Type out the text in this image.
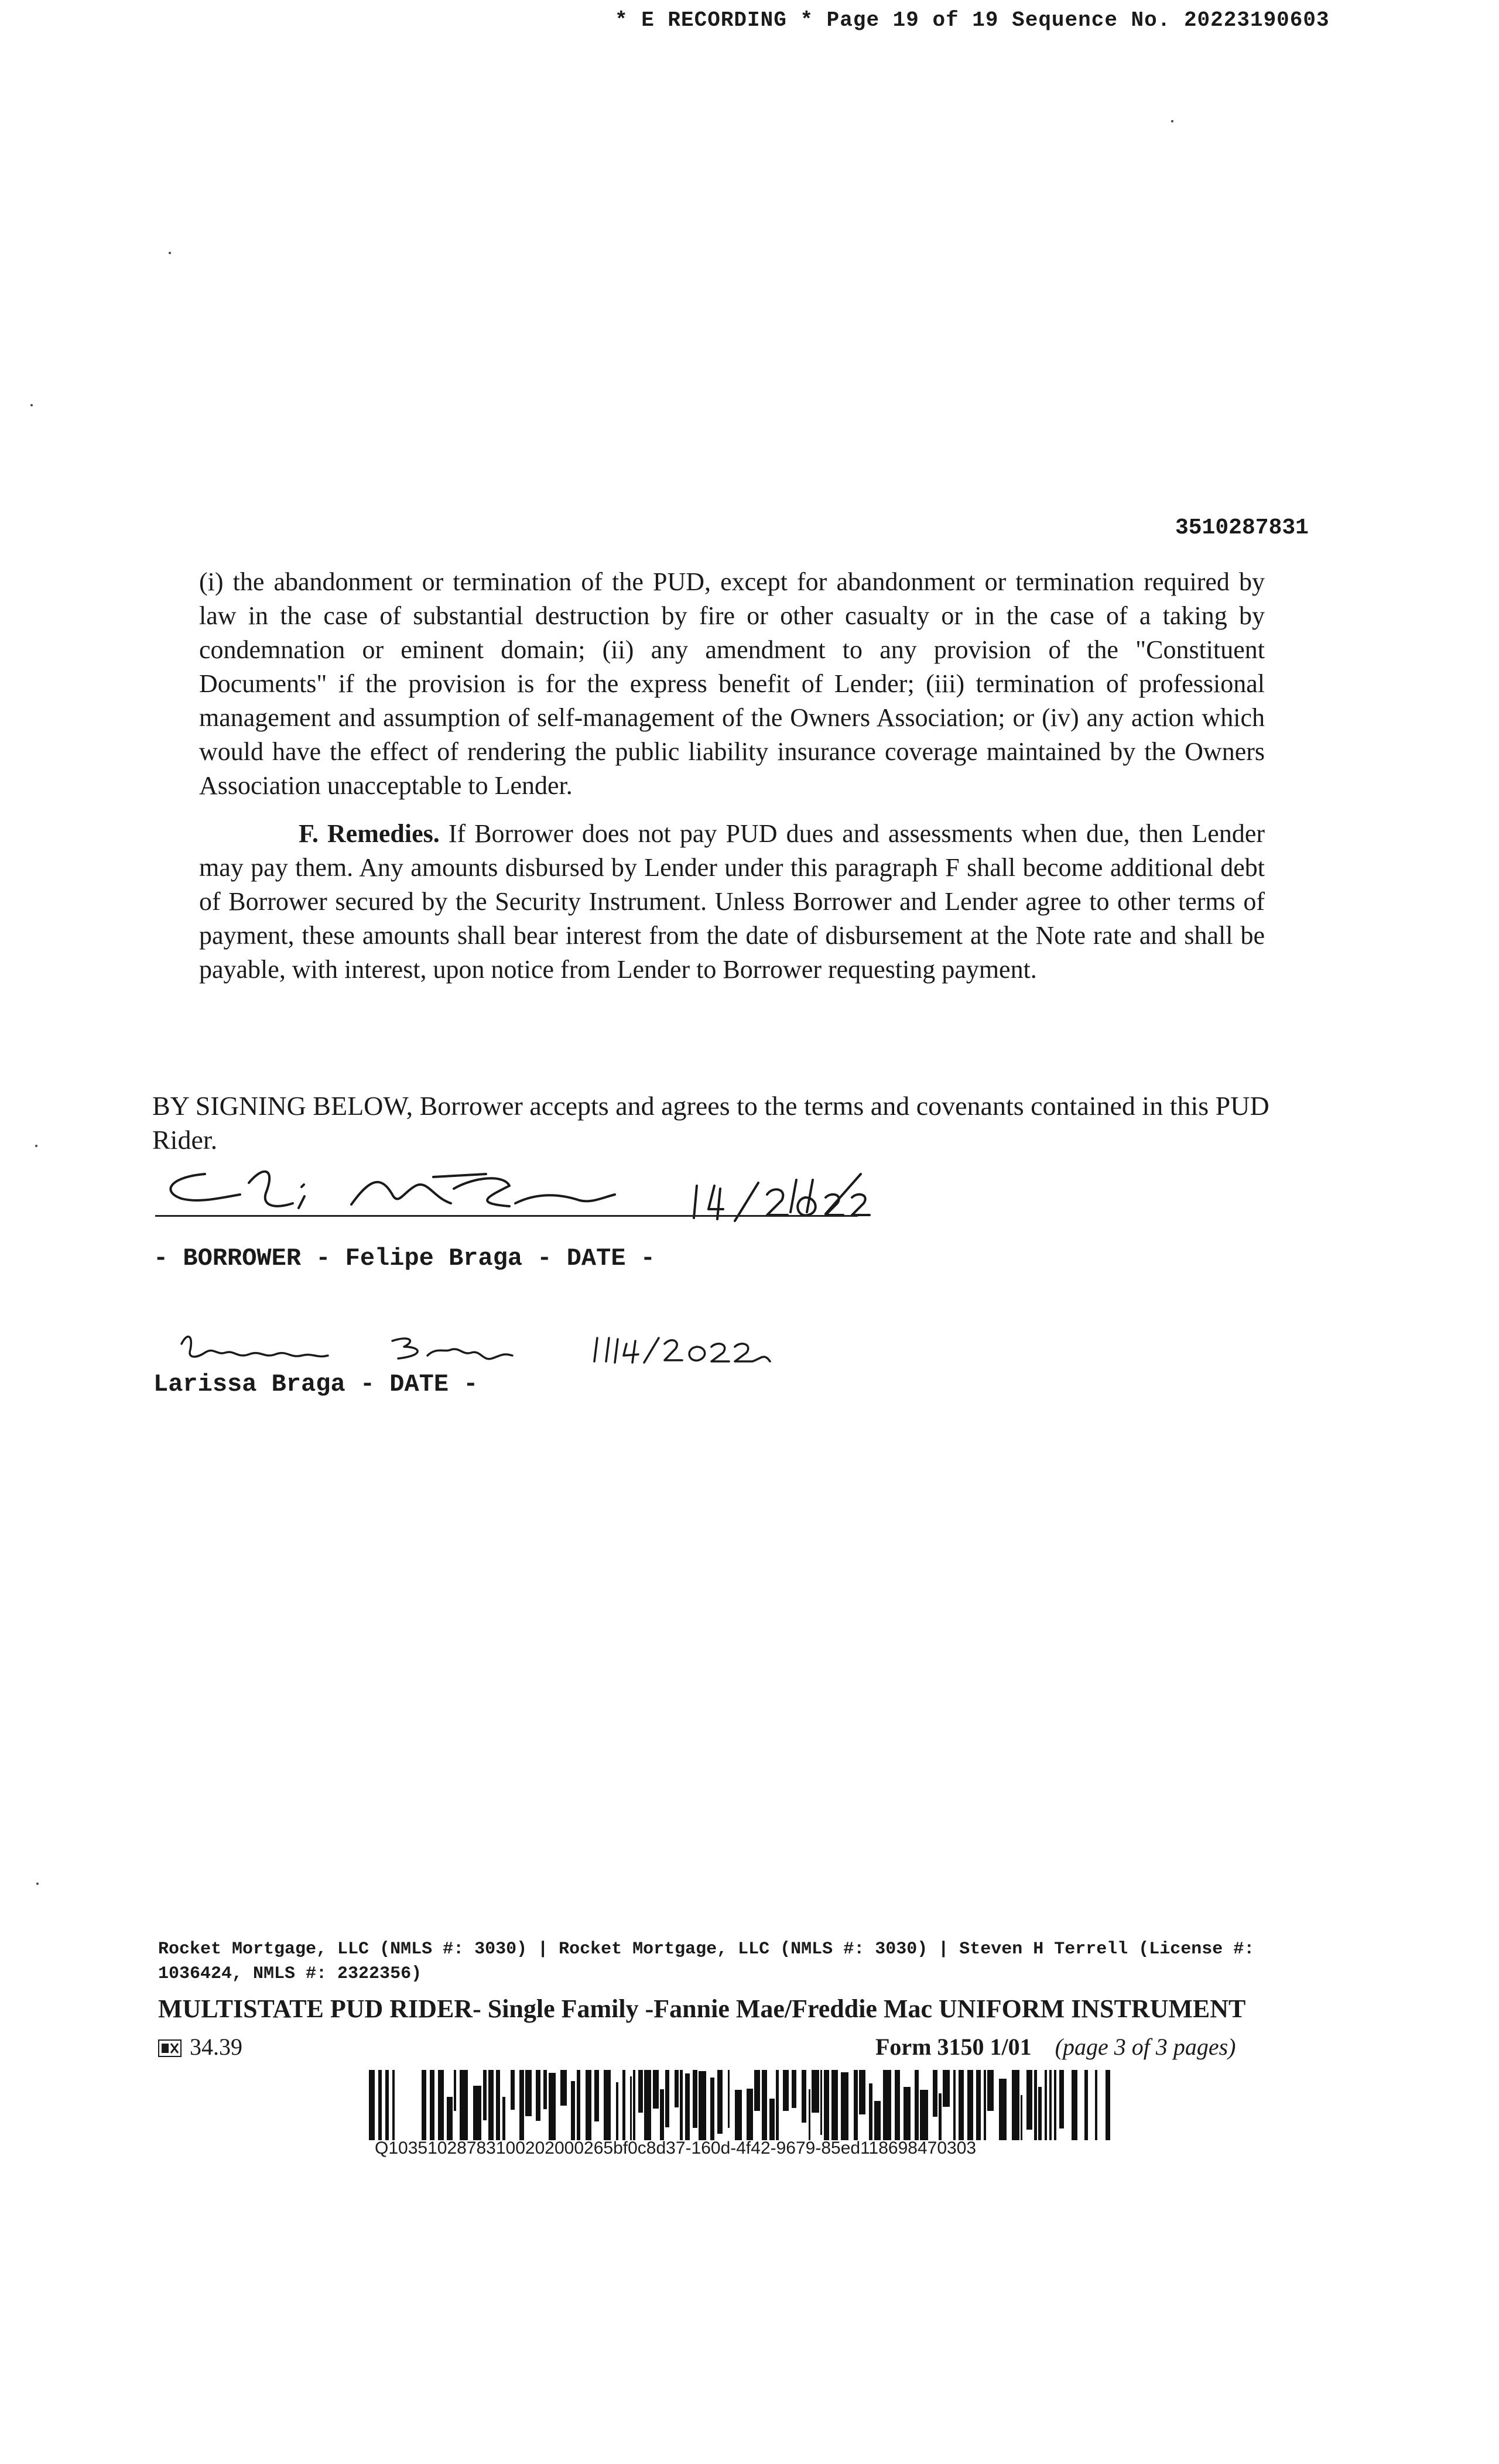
* E RECORDING * Page 19 of 19 Sequence No. 20223190603
3510287831
(i) the abandonment or termination of the PUD, except for abandonment or termination required by law in the case of substantial destruction by fire or other casualty or in the case of a taking by condemnation or eminent domain; (ii) any amendment to any provision of the "Constituent Documents" if the provision is for the express benefit of Lender; (iii) termination of professional management and assumption of self-management of the Owners Association; or (iv) any action which would have the effect of rendering the public liability insurance coverage maintained by the Owners Association unacceptable to Lender.
F. Remedies. If Borrower does not pay PUD dues and assessments when due, then Lender may pay them. Any amounts disbursed by Lender under this paragraph F shall become additional debt of Borrower secured by the Security Instrument. Unless Borrower and Lender agree to other terms of payment, these amounts shall bear interest from the date of disbursement at the Note rate and shall be payable, with interest, upon notice from Lender to Borrower requesting payment.
BY SIGNING BELOW, Borrower accepts and agrees to the terms and covenants contained in this PUD Rider.
- BORROWER - Felipe Braga - DATE -
Larissa Braga - DATE -
Rocket Mortgage, LLC (NMLS #: 3030) | Rocket Mortgage, LLC (NMLS #: 3030) | Steven H Terrell (License #: 1036424, NMLS #: 2322356)
MULTISTATE PUD RIDER- Single Family -Fannie Mae/Freddie Mac UNIFORM INSTRUMENT
34.39	Form 3150 1/01 (page 3 of 3 pages)
Q10351028783100202000265bf0c8d37-160d-4f42-9679-85ed118698470303
